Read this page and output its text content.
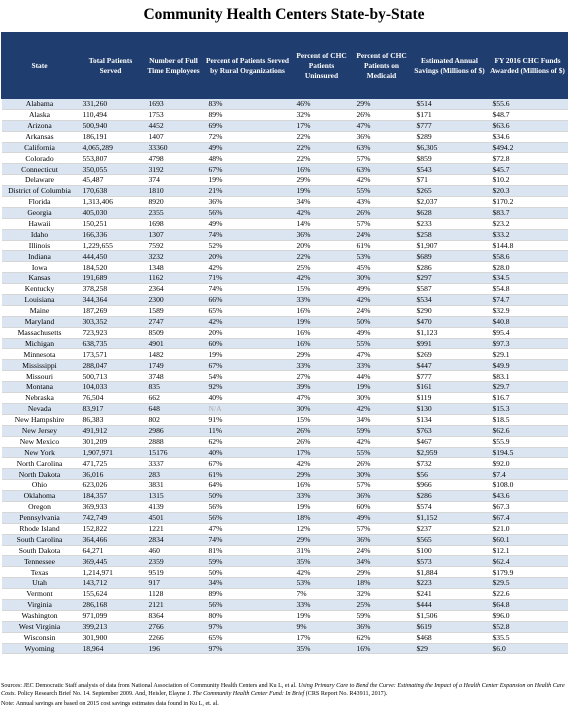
Community Health Centers State-by-State
State	Total Patients Served	Number of Full Time Employees	Percent of Patients Served by Rural Organizations	Percent of CHC Patients Uninsured	Percent of CHC Patients on Medicaid	Estimated Annual Savings (Millions of $)	FY 2016 CHC Funds Awarded (Millions of $)
Alabama	331,260	1693	83%	46%	29%	$514	$55.6
Alaska	110,494	1753	89%	32%	26%	$171	$48.7
Arizona	500,940	4452	69%	17%	47%	$777	$63.6
Arkansas	186,191	1407	72%	22%	36%	$289	$34.6
California	4,065,289	33360	49%	22%	63%	$6,305	$494.2
Colorado	553,807	4798	48%	22%	57%	$859	$72.8
Connecticut	350,055	3192	67%	16%	63%	$543	$45.7
Delaware	45,487	374	19%	29%	42%	$71	$10.2
District of Columbia	170,638	1810	21%	19%	55%	$265	$20.3
Florida	1,313,406	8920	36%	34%	43%	$2,037	$170.2
Georgia	405,030	2355	56%	42%	26%	$628	$83.7
Hawaii	150,251	1698	49%	14%	57%	$233	$23.2
Idaho	166,336	1307	74%	36%	24%	$258	$33.2
Illinois	1,229,655	7592	52%	20%	61%	$1,907	$144.8
Indiana	444,450	3232	20%	22%	53%	$689	$58.6
Iowa	184,520	1348	42%	25%	45%	$286	$28.0
Kansas	191,689	1162	71%	42%	30%	$297	$34.5
Kentucky	378,258	2364	74%	15%	49%	$587	$54.8
Louisiana	344,364	2300	66%	33%	42%	$534	$74.7
Maine	187,269	1589	65%	16%	24%	$290	$32.9
Maryland	303,352	2747	42%	19%	50%	$470	$40.8
Massachusetts	723,923	8509	20%	16%	49%	$1,123	$95.4
Michigan	638,735	4901	60%	16%	55%	$991	$97.3
Minnesota	173,571	1482	19%	29%	47%	$269	$29.1
Mississippi	288,047	1749	67%	33%	33%	$447	$49.9
Missouri	500,713	3748	54%	27%	44%	$777	$83.1
Montana	104,033	835	92%	39%	19%	$161	$29.7
Nebraska	76,504	662	40%	47%	30%	$119	$16.7
Nevada	83,917	648	N/A	30%	42%	$130	$15.3
New Hampshire	86,383	802	91%	15%	34%	$134	$18.5
New Jersey	491,912	2986	11%	26%	59%	$763	$62.6
New Mexico	301,209	2888	62%	26%	42%	$467	$55.9
New York	1,907,971	15176	40%	17%	55%	$2,959	$194.5
North Carolina	471,725	3337	67%	42%	26%	$732	$92.0
North Dakota	36,016	283	61%	29%	30%	$56	$7.4
Ohio	623,026	3831	64%	16%	57%	$966	$108.0
Oklahoma	184,357	1315	50%	33%	36%	$286	$43.6
Oregon	369,933	4139	56%	19%	60%	$574	$67.3
Pennsylvania	742,749	4501	56%	18%	49%	$1,152	$67.4
Rhode Island	152,822	1221	47%	12%	57%	$237	$21.0
South Carolina	364,466	2834	74%	29%	36%	$565	$60.1
South Dakota	64,271	460	81%	31%	24%	$100	$12.1
Tennessee	369,445	2359	59%	35%	34%	$573	$62.4
Texas	1,214,971	9519	50%	42%	29%	$1,884	$179.9
Utah	143,712	917	34%	53%	18%	$223	$29.5
Vermont	155,624	1128	89%	7%	32%	$241	$22.6
Virginia	286,168	2121	56%	33%	25%	$444	$64.8
Washington	971,099	8364	80%	19%	59%	$1,506	$96.0
West Virginia	399,213	2766	97%	9%	36%	$619	$52.8
Wisconsin	301,900	2266	65%	17%	62%	$468	$35.5
Wyoming	18,964	196	97%	35%	16%	$29	$6.0
Sources: JEC Democratic Staff analysis of data from National Association of Community Health Centers and Ku L, et al. Using Primary Care to Bend the Curve: Estimating the Impact of a Health Center Expansion on Health Care Costs. Policy Research Brief No. 14. September 2009. And, Heisler, Elayne J. The Community Health Center Fund: In Brief (CRS Report No. R43911, 2017).
Note: Annual savings are based on 2015 cost savings estimates data found in Ku L, et. al.
